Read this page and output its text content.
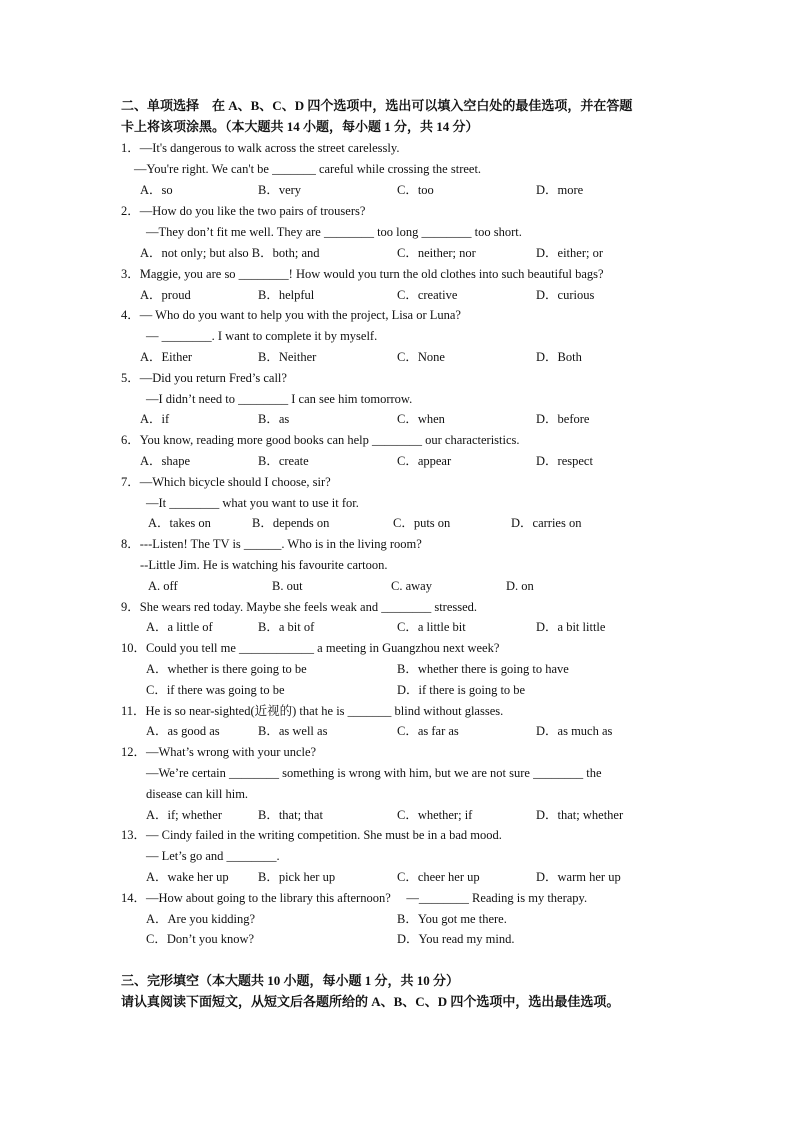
二、单项选择　在 A、B、C、D 四个选项中，选出可以填入空白处的最佳选项，并在答题
卡上将该项涂黑。（本大题共 14 小题，每小题 1 分，共 14 分）
1．—It's dangerous to walk across the street carelessly.
—You're right. We can't be _______ careful while crossing the street.
A．so	B．very	C．too	D．more
2．—How do you like the two pairs of trousers?
—They don’t fit me well. They are ________ too long ________ too short.
A．not only; but also B．both; and	C．neither; nor	D．either; or
3．Maggie, you are so ________! How would you turn the old clothes into such beautiful bags?
A．proud	B．helpful	C．creative	D．curious
4．— Who do you want to help you with the project, Lisa or Luna?
— ________. I want to complete it by myself.
A．Either	B．Neither	C．None	D．Both
5．—Did you return Fred’s call?
—I didn’t need to ________ I can see him tomorrow.
A．if	B．as	C．when	D．before
6．You know, reading more good books can help ________ our characteristics.
A．shape	B．create	C．appear	D．respect
7．—Which bicycle should I choose, sir?
—It ________ what you want to use it for.
A．takes on	B．depends on	C．puts on	D．carries on
8．---Listen! The TV is ______. Who is in the living room?
--Little Jim. He is watching his favourite cartoon.
A. off	B. out	C. away	D. on
9．She wears red today. Maybe she feels weak and ________ stressed.
A．a little of	B．a bit of	C．a little bit	D．a bit little
10．Could you tell me ____________ a meeting in Guangzhou next week?
A．whether is there going to be	B．whether there is going to have
C．if there was going to be	D．if there is going to be
11．He is so near-sighted(近视的) that he is _______ blind without glasses.
A．as good as	B．as well as	C．as far as	D．as much as
12．—What’s wrong with your uncle?
—We’re certain ________ something is wrong with him, but we are not sure ________ the
disease can kill him.
A．if; whether	B．that; that	C．whether; if	D．that; whether
13．— Cindy failed in the writing competition. She must be in a bad mood.
— Let’s go and ________.
A．wake her up B．pick her up	C．cheer her up	D．warm her up
14．—How about going to the library this afternoon?　 —________ Reading is my therapy.
A．Are you kidding?	B．You got me there.
C．Don’t you know?	D．You read my mind.
三、完形填空（本大题共 10 小题，每小题 1 分，共 10 分）
请认真阅读下面短文，从短文后各题所给的 A、B、C、D 四个选项中，选出最佳选项。
